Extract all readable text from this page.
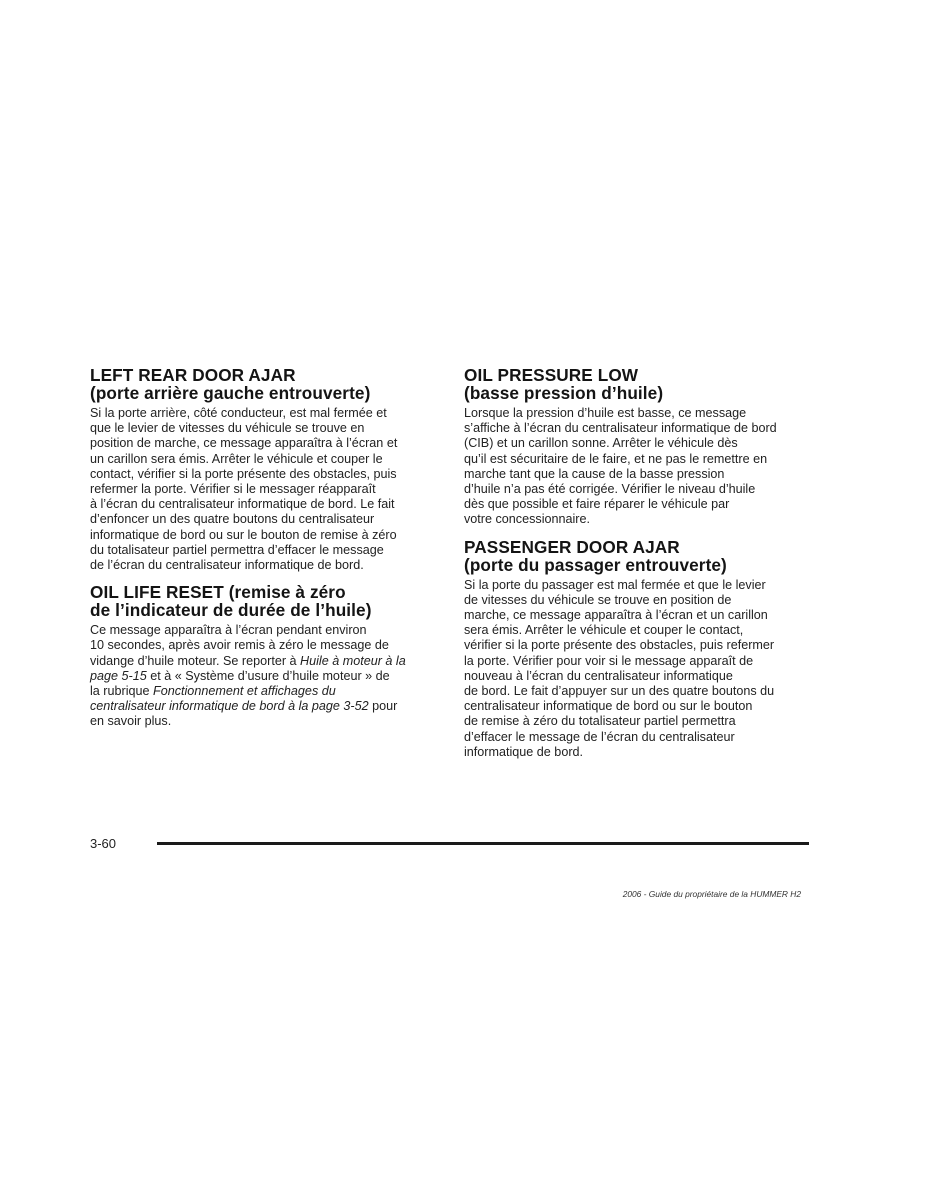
LEFT REAR DOOR AJAR
(porte arrière gauche entrouverte)
Si la porte arrière, côté conducteur, est mal fermée et
que le levier de vitesses du véhicule se trouve en
position de marche, ce message apparaîtra à l’écran et
un carillon sera émis. Arrêter le véhicule et couper le
contact, vérifier si la porte présente des obstacles, puis
refermer la porte. Vérifier si le messager réapparaît
à l’écran du centralisateur informatique de bord. Le fait
d’enfoncer un des quatre boutons du centralisateur
informatique de bord ou sur le bouton de remise à zéro
du totalisateur partiel permettra d’effacer le message
de l’écran du centralisateur informatique de bord.
OIL LIFE RESET (remise à zéro
de l’indicateur de durée de l’huile)
Ce message apparaîtra à l’écran pendant environ
10 secondes, après avoir remis à zéro le message de
vidange d’huile moteur. Se reporter à Huile à moteur à la
page 5-15 et à « Système d’usure d’huile moteur » de
la rubrique Fonctionnement et affichages du
centralisateur informatique de bord à la page 3-52 pour
en savoir plus.
OIL PRESSURE LOW
(basse pression d’huile)
Lorsque la pression d’huile est basse, ce message
s’affiche à l’écran du centralisateur informatique de bord
(CIB) et un carillon sonne. Arrêter le véhicule dès
qu’il est sécuritaire de le faire, et ne pas le remettre en
marche tant que la cause de la basse pression
d’huile n’a pas été corrigée. Vérifier le niveau d’huile
dès que possible et faire réparer le véhicule par
votre concessionnaire.
PASSENGER DOOR AJAR
(porte du passager entrouverte)
Si la porte du passager est mal fermée et que le levier
de vitesses du véhicule se trouve en position de
marche, ce message apparaîtra à l’écran et un carillon
sera émis. Arrêter le véhicule et couper le contact,
vérifier si la porte présente des obstacles, puis refermer
la porte. Vérifier pour voir si le message apparaît de
nouveau à l’écran du centralisateur informatique
de bord. Le fait d’appuyer sur un des quatre boutons du
centralisateur informatique de bord ou sur le bouton
de remise à zéro du totalisateur partiel permettra
d’effacer le message de l’écran du centralisateur
informatique de bord.
3-60
2006 - Guide du propriétaire de la HUMMER H2
